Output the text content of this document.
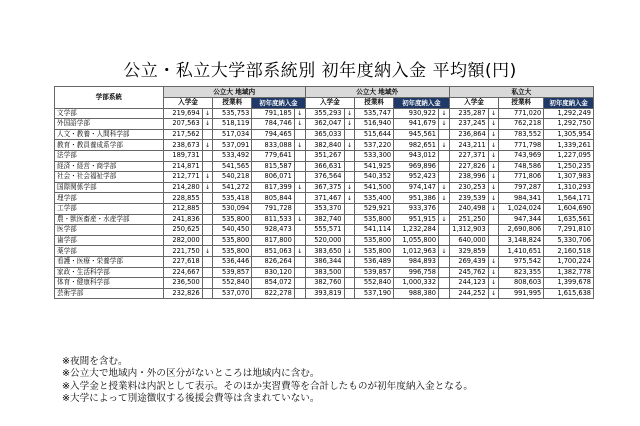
公立・私立大学部系統別 初年度納入金 平均額(円)
学部系統	公立大 地域内					公立大 地域外					私立大			
	入学金		授業料	初年度納入金		入学金		授業料	初年度納入金		入学金		授業料	初年度納入金
文学部	219,694	↓	535,753	791,185	↓	355,293	↓	535,747	930,922	↓	235,287	↓	771,020	1,292,249
外国語学部	207,563	↓	518,119	784,746	↓	362,047	↓	516,940	941,679	↓	237,245	↓	762,218	1,292,750
人文・教養・人間科学部	217,562		517,034	794,465		365,033		515,644	945,561		236,864	↓	783,552	1,305,954
教育・教員養成系学部	238,673	↓	537,091	833,088	↓	382,840	↓	537,220	982,651	↓	243,211	↓	771,798	1,339,261
法学部	189,731		533,492	779,641		351,267		533,300	943,012		227,371	↓	743,969	1,227,095
経済・経営・商学部	214,871		541,565	815,587		366,631		541,925	969,896		227,826	↓	748,586	1,250,235
社会・社会福祉学部	212,771	↓	540,218	806,071		376,564		540,352	952,423		238,996	↓	771,806	1,307,983
国際関係学部	214,280	↓	541,272	817,399	↓	367,375	↓	541,500	974,147	↓	230,253	↓	797,287	1,310,293
理学部	228,855		535,418	805,844		371,467	↓	535,400	951,386	↓	239,539	↓	984,341	1,564,171
工学部	212,885		530,094	791,728		353,370		529,921	933,376		240,498	↓	1,024,024	1,604,690
農・獣医畜産・水産学部	241,836		535,800	811,533	↓	382,740		535,800	951,915	↓	251,250		947,344	1,635,561
医学部	250,625		540,450	928,473		555,571		541,114	1,232,284		1,312,903		2,690,806	7,291,810
歯学部	282,000		535,800	817,800		520,000		535,800	1,055,800		640,000		3,148,824	5,330,706
薬学部	221,750	↓	535,800	851,063	↓	383,650	↓	535,800	1,012,963	↓	329,859		1,410,651	2,160,518
看護・医療・栄養学部	227,618		536,446	826,264		386,344		536,489	984,893		269,439	↓	975,542	1,700,224
家政・生活科学部	224,667		539,857	830,120		383,500		539,857	996,758		245,762	↓	823,355	1,382,778
体育・健康科学部	236,500		552,840	854,072		382,760		552,840	1,000,332		244,123	↓	808,603	1,399,678
芸術学部	232,826		537,070	822,278		393,819		537,190	988,380		244,252	↓	991,995	1,615,638
※夜間を含む。
※公立大で地域内・外の区分がないところは地域内に含む。
※入学金と授業料は内訳として表示。そのほか実習費等を合計したものが初年度納入金となる。
※大学によって別途徴収する後援会費等は含まれていない。
